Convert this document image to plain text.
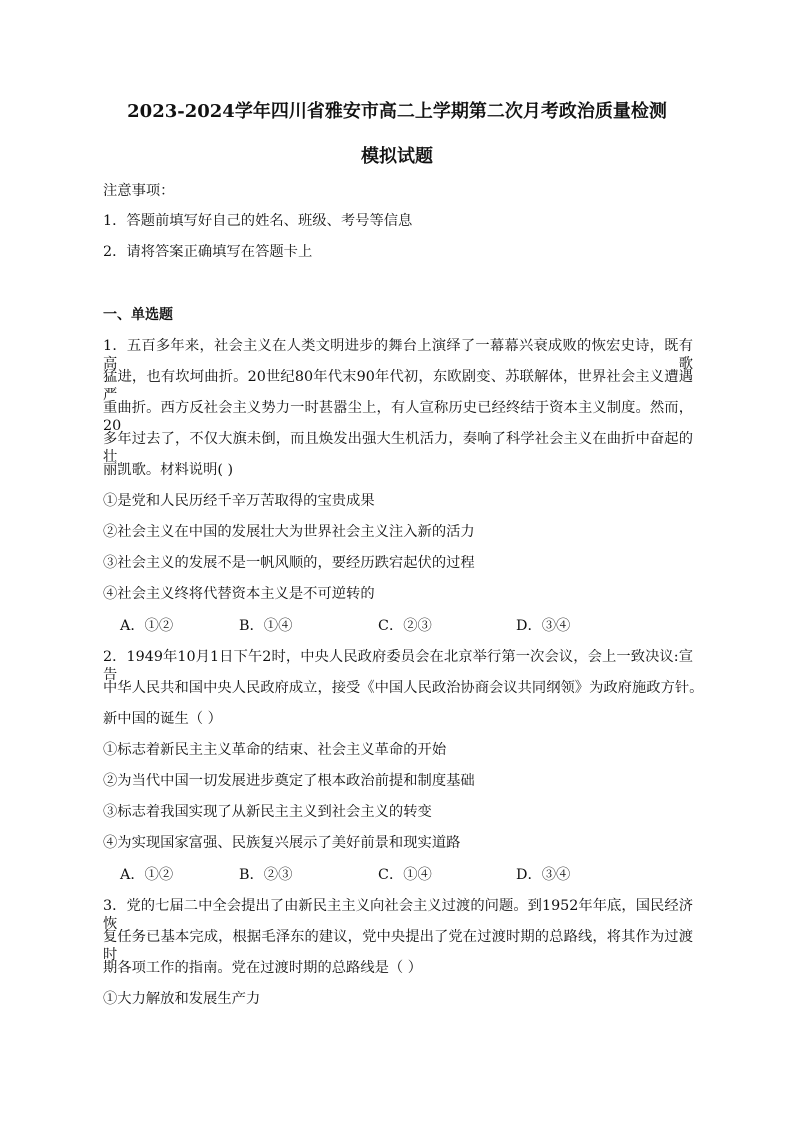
2023-2024学年四川省雅安市高二上学期第二次月考政治质量检测
模拟试题
注意事项：
1．答题前填写好自己的姓名、班级、考号等信息
2．请将答案正确填写在答题卡上
一、单选题
1．五百多年来，社会主义在人类文明进步的舞台上演绎了一幕幕兴衰成败的恢宏史诗，既有高歌
猛进，也有坎坷曲折。20世纪80年代末90年代初，东欧剧变、苏联解体，世界社会主义遭遇严
重曲折。西方反社会主义势力一时甚嚣尘上，有人宣称历史已经终结于资本主义制度。然而，20
多年过去了，不仅大旗未倒，而且焕发出强大生机活力，奏响了科学社会主义在曲折中奋起的壮
丽凯歌。材料说明( )
①是党和人民历经千辛万苦取得的宝贵成果
②社会主义在中国的发展壮大为世界社会主义注入新的活力
③社会主义的发展不是一帆风顺的，要经历跌宕起伏的过程
④社会主义终将代替资本主义是不可逆转的
A．①②	B．①④	C．②③	D．③④
2．1949年10月1日下午2时，中央人民政府委员会在北京举行第一次会议，会上一致决议:宣告
中华人民共和国中央人民政府成立，接受《中国人民政治协商会议共同纲领》为政府施政方针。
新中国的诞生（ ）
①标志着新民主主义革命的结束、社会主义革命的开始
②为当代中国一切发展进步奠定了根本政治前提和制度基础
③标志着我国实现了从新民主主义到社会主义的转变
④为实现国家富强、民族复兴展示了美好前景和现实道路
A．①②	B．②③	C．①④	D．③④
3．党的七届二中全会提出了由新民主主义向社会主义过渡的问题。到1952年年底，国民经济恢
复任务已基本完成，根据毛泽东的建议，党中央提出了党在过渡时期的总路线，将其作为过渡时
期各项工作的指南。党在过渡时期的总路线是（ ）
①大力解放和发展生产力
